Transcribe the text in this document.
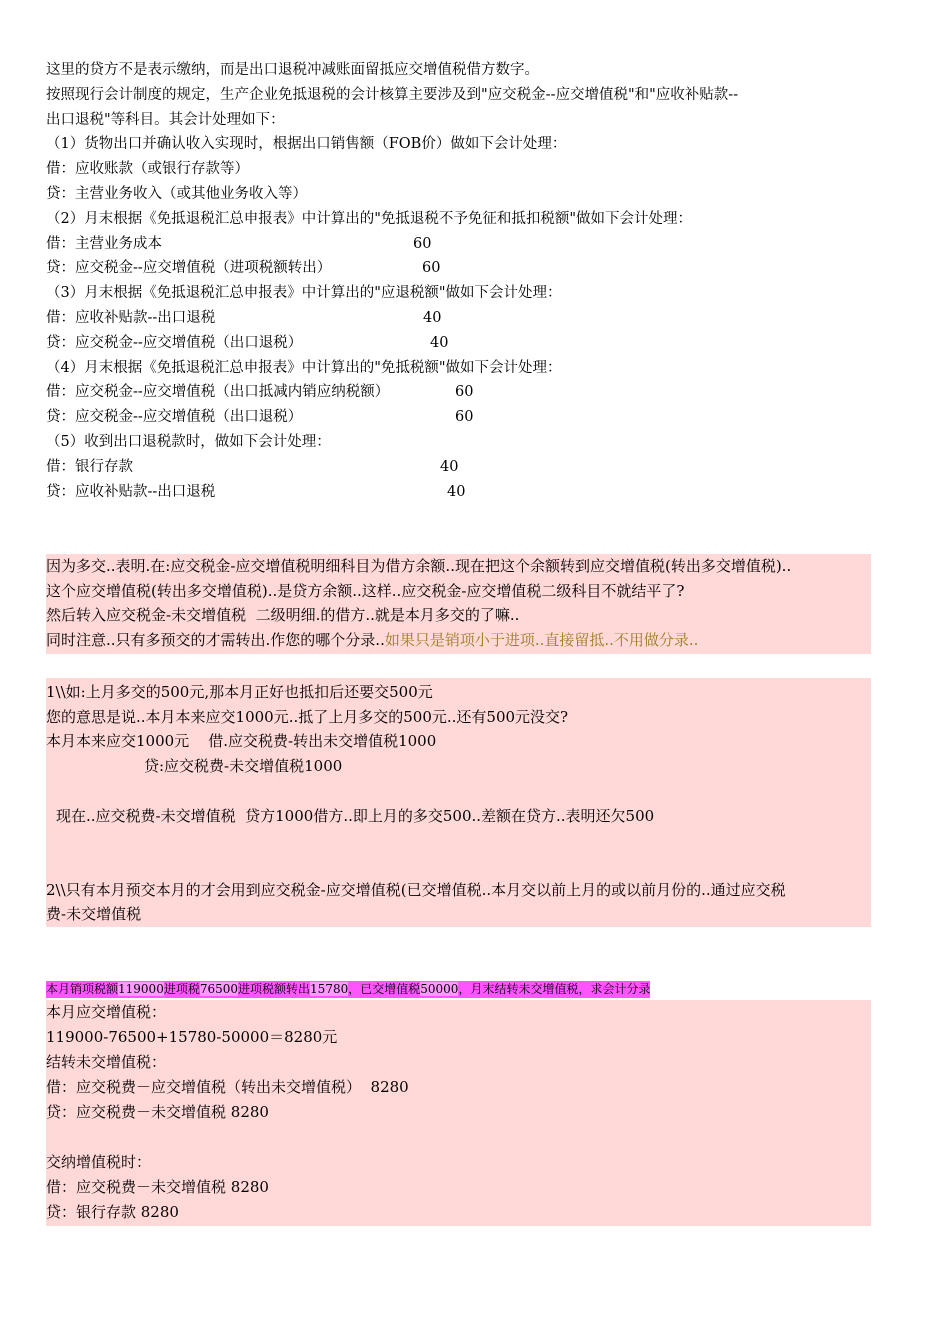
这里的贷方不是表示缴纳，而是出口退税冲减账面留抵应交增值税借方数字。
按照现行会计制度的规定，生产企业免抵退税的会计核算主要涉及到"应交税金--应交增值税"和"应收补贴款--
出口退税"等科目。其会计处理如下：
（1）货物出口并确认收入实现时，根据出口销售额（FOB价）做如下会计处理：
借：应收账款（或银行存款等）
贷：主营业务收入（或其他业务收入等）
（2）月末根据《免抵退税汇总申报表》中计算出的"免抵退税不予免征和抵扣税额"做如下会计处理：
借：主营业务成本	60
贷：应交税金--应交增值税（进项税额转出）	60
（3）月末根据《免抵退税汇总申报表》中计算出的"应退税额"做如下会计处理：
借：应收补贴款--出口退税	40
贷：应交税金--应交增值税（出口退税）	40
（4）月末根据《免抵退税汇总申报表》中计算出的"免抵税额"做如下会计处理：
借：应交税金--应交增值税（出口抵减内销应纳税额）	60
贷：应交税金--应交增值税（出口退税）	60
（5）收到出口退税款时，做如下会计处理：
借：银行存款	40
贷：应收补贴款--出口退税	40
因为多交..表明.在:应交税金-应交增值税明细科目为借方余额..现在把这个余额转到应交增值税(转出多交增值税)..
这个应交增值税(转出多交增值税)..是贷方余额..这样..应交税金-应交增值税二级科目不就结平了?
然后转入应交税金-未交增值税  二级明细.的借方..就是本月多交的了嘛..
同时注意..只有多预交的才需转出.作您的哪个分录..如果只是销项小于进项..直接留抵..不用做分录..
1\\如:上月多交的500元,那本月正好也抵扣后还要交500元
您的意思是说..本月本来应交1000元..抵了上月多交的500元..还有500元没交?
本月本来应交1000元    借.应交税费-转出未交增值税1000
贷:应交税费-未交增值税1000
现在..应交税费-未交增值税  贷方1000借方..即上月的多交500..差额在贷方..表明还欠500
2\\只有本月预交本月的才会用到应交税金-应交增值税(已交增值税..本月交以前上月的或以前月份的..通过应交税
费-未交增值税
本月销项税额119000进项税76500进项税额转出15780，已交增值税50000，月末结转未交增值税，求会计分录
本月应交增值税：
119000-76500+15780-50000＝8280元
结转未交增值税：
借：应交税费－应交增值税（转出未交增值税）  8280
贷：应交税费－未交增值税 8280
交纳增值税时：
借：应交税费－未交增值税 8280
贷：银行存款 8280
